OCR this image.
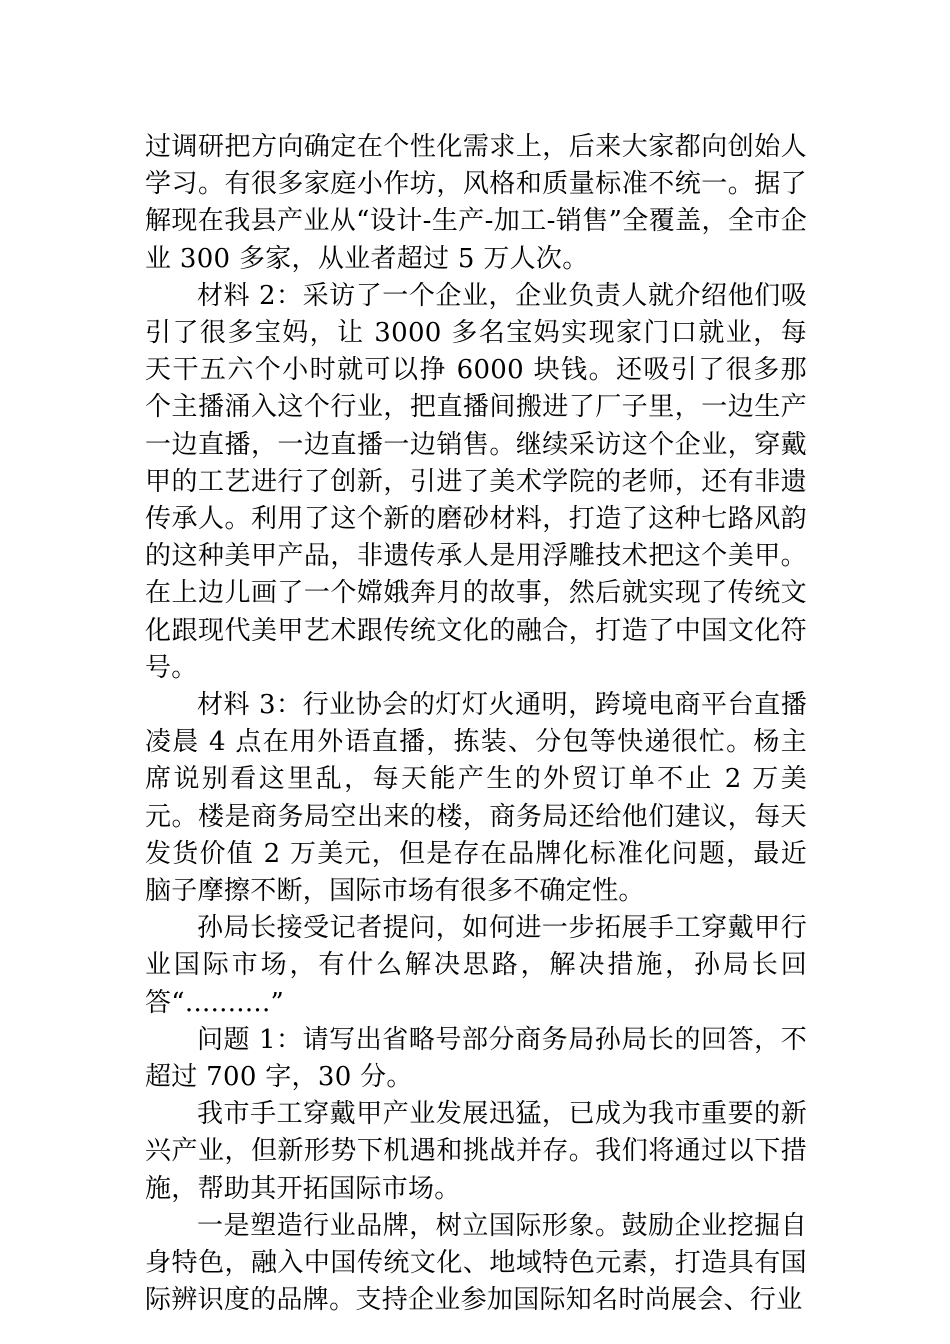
过调研把方向确定在个性化需求上，后来大家都向创始人学习。有很多家庭小作坊，风格和质量标准不统一。据了解现在我县产业从“设计-生产-加工-销售”全覆盖，全市企业 300 多家，从业者超过 5 万人次。

材料 2：采访了一个企业，企业负责人就介绍他们吸引了很多宝妈，让 3000 多名宝妈实现家门口就业，每天干五六个小时就可以挣 6000 块钱。还吸引了很多那个主播涌入这个行业，把直播间搬进了厂子里，一边生产一边直播，一边直播一边销售。继续采访这个企业，穿戴甲的工艺进行了创新，引进了美术学院的老师，还有非遗传承人。利用了这个新的磨砂材料，打造了这种七路风韵的这种美甲产品，非遗传承人是用浮雕技术把这个美甲。在上边儿画了一个嫦娥奔月的故事，然后就实现了传统文化跟现代美甲艺术跟传统文化的融合，打造了中国文化符号。

材料 3：行业协会的灯灯火通明，跨境电商平台直播凌晨 4 点在用外语直播，拣装、分包等快递很忙。杨主席说别看这里乱，每天能产生的外贸订单不止 2 万美元。楼是商务局空出来的楼，商务局还给他们建议，每天发货价值 2 万美元，但是存在品牌化标准化问题，最近脑子摩擦不断，国际市场有很多不确定性。

孙局长接受记者提问，如何进一步拓展手工穿戴甲行业国际市场，有什么解决思路，解决措施，孙局长回答“..........”

问题 1：请写出省略号部分商务局孙局长的回答，不超过 700 字，30 分。

我市手工穿戴甲产业发展迅猛，已成为我市重要的新兴产业，但新形势下机遇和挑战并存。我们将通过以下措施，帮助其开拓国际市场。

一是塑造行业品牌，树立国际形象。鼓励企业挖掘自身特色，融入中国传统文化、地域特色元素，打造具有国际辨识度的品牌。支持企业参加国际知名时尚展会、行业
